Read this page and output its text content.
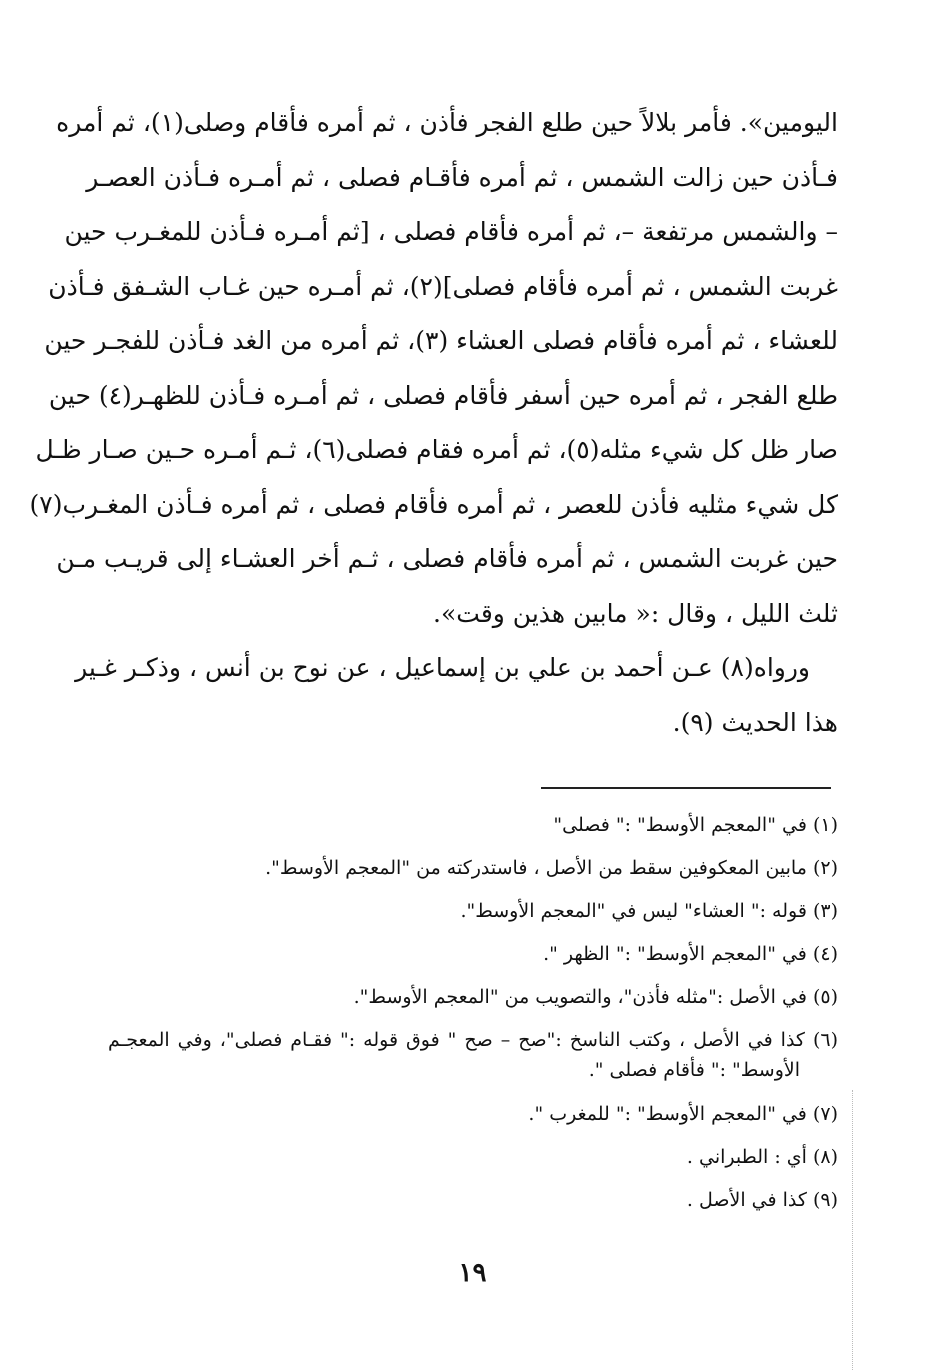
اليومين». فأمر بلالاً حين طلع الفجر فأذن ، ثم أمره فأقام وصلى(١)، ثم أمره
فـأذن حين زالت الشمس ، ثم أمره فأقـام فصلى ، ثم أمـره فـأذن العصـر
– والشمس مرتفعة –، ثم أمره فأقام فصلى ، [ثم أمـره فـأذن للمغـرب حين
غربت الشمس ، ثم أمره فأقام فصلى](٢)، ثم أمـره حين غـاب الشـفق فـأذن
للعشاء ، ثم أمره فأقام فصلى العشاء (٣)، ثم أمره من الغد فـأذن للفجـر حين
طلع الفجر ، ثم أمره حين أسفر فأقام فصلى ، ثم أمـره فـأذن للظهـر(٤) حين
صار ظل كل شيء مثله(٥)، ثم أمره فقام فصلى(٦)، ثـم أمـره حـين صـار ظـل
كل شيء مثليه فأذن للعصر ، ثم أمره فأقام فصلى ، ثم أمره فـأذن المغـرب(٧)
حين غربت الشمس ، ثم أمره فأقام فصلى ، ثـم أخر العشـاء إلى قريـب مـن
ثلث الليل ، وقال :« مابين هذين وقت».
ورواه(٨) عـن أحمد بن علي بن إسماعيل ، عن نوح بن أنس ، وذكـر غـير
هذا الحديث (٩).
(١) في "المعجم الأوسط" :" فصلى"
(٢) مابين المعكوفين سقط من الأصل ، فاستدركته من "المعجم الأوسط".
(٣) قوله :" العشاء" ليس في "المعجم الأوسط".
(٤) في "المعجم الأوسط" :" الظهر ".
(٥) في الأصل :"مثله فأذن"، والتصويب من "المعجم الأوسط".
(٦) كذا في الأصل ، وكتب الناسخ :"صح – صح " فوق قوله :" فقـام فصلى"، وفي المعجـم
الأوسط" :" فأقام فصلى ".
(٧) في "المعجم الأوسط" :" للمغرب ".
(٨) أي : الطبراني .
(٩) كذا في الأصل .
١٩
